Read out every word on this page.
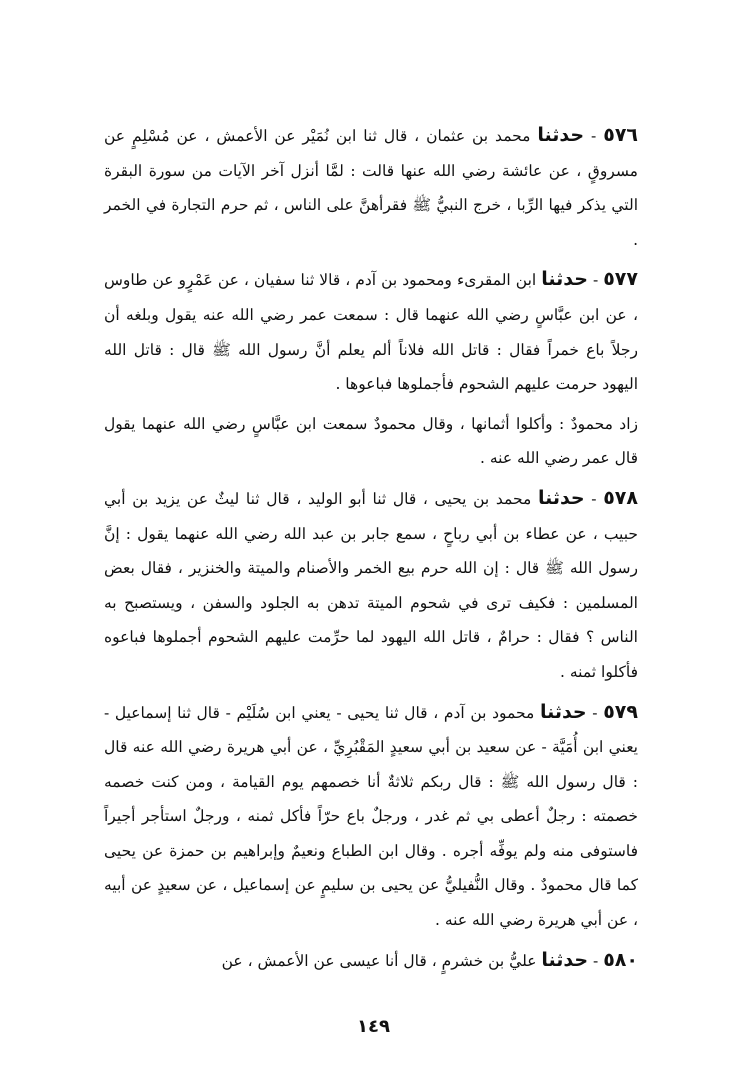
٥٧٦ - حدثنا محمد بن عثمان ، قال ثنا ابن نُمَيْر عن الأعمش ، عن مُسْلِمٍ عن مسروقٍ ، عن عائشة رضي الله عنها قالت : لمَّا أنزل آخر الآيات من سورة البقرة التي يذكر فيها الرِّبا ، خرج النبيُّ ﷺ فقرأهنَّ على الناس ، ثم حرم التجارة في الخمر .

٥٧٧ - حدثنا ابن المقرىء ومحمود بن آدم ، قالا ثنا سفيان ، عن عَمْرٍو عن طاوس ، عن ابن عبَّاسٍ رضي الله عنهما قال : سمعت عمر رضي الله عنه يقول وبلغه أن رجلاً باع خمراً فقال : قاتل الله فلاناً ألم يعلم أنَّ رسول الله ﷺ قال : قاتل الله اليهود حرمت عليهم الشحوم فأجملوها فباعوها .

زاد محمودٌ : وأكلوا أثمانها ، وقال محمودٌ سمعت ابن عبَّاسٍ رضي الله عنهما يقول قال عمر رضي الله عنه .

٥٧٨ - حدثنا محمد بن يحيى ، قال ثنا أبو الوليد ، قال ثنا ليثٌ عن يزيد بن أبي حبيب ، عن عطاء بن أبي رباحٍ ، سمع جابر بن عبد الله رضي الله عنهما يقول : إنَّ رسول الله ﷺ قال : إن الله حرم بيع الخمر والأصنام والميتة والخنزير ، فقال بعض المسلمين : فكيف ترى في شحوم الميتة تدهن به الجلود والسفن ، ويستصبح به الناس ؟ فقال : حرامٌ ، قاتل الله اليهود لما حرِّمت عليهم الشحوم أجملوها فباعوه فأكلوا ثمنه .

٥٧٩ - حدثنا محمود بن آدم ، قال ثنا يحيى - يعني ابن سُلَيْم - قال ثنا إسماعيل - يعني ابن أُمَيَّة - عن سعيد بن أبي سعيدٍ المَقْبُرِيِّ ، عن أبي هريرة رضي الله عنه قال : قال رسول الله ﷺ : قال ربكم ثلاثةٌ أنا خصمهم يوم القيامة ، ومن كنت خصمه خصمته : رجلٌ أعطى بي ثم غدر ، ورجلٌ باع حرّاً فأكل ثمنه ، ورجلٌ استأجر أجيراً فاستوفى منه ولم يوفِّه أجره . وقال ابن الطباع ونعيمٌ وإبراهيم بن حمزة عن يحيى كما قال محمودٌ . وقال النُّفيليُّ عن يحيى بن سليمٍ عن إسماعيل ، عن سعيدٍ عن أبيه ، عن أبي هريرة رضي الله عنه .

٥٨٠ - حدثنا عليُّ بن خشرمٍ ، قال أنا عيسى عن الأعمش ، عن

١٤٩
